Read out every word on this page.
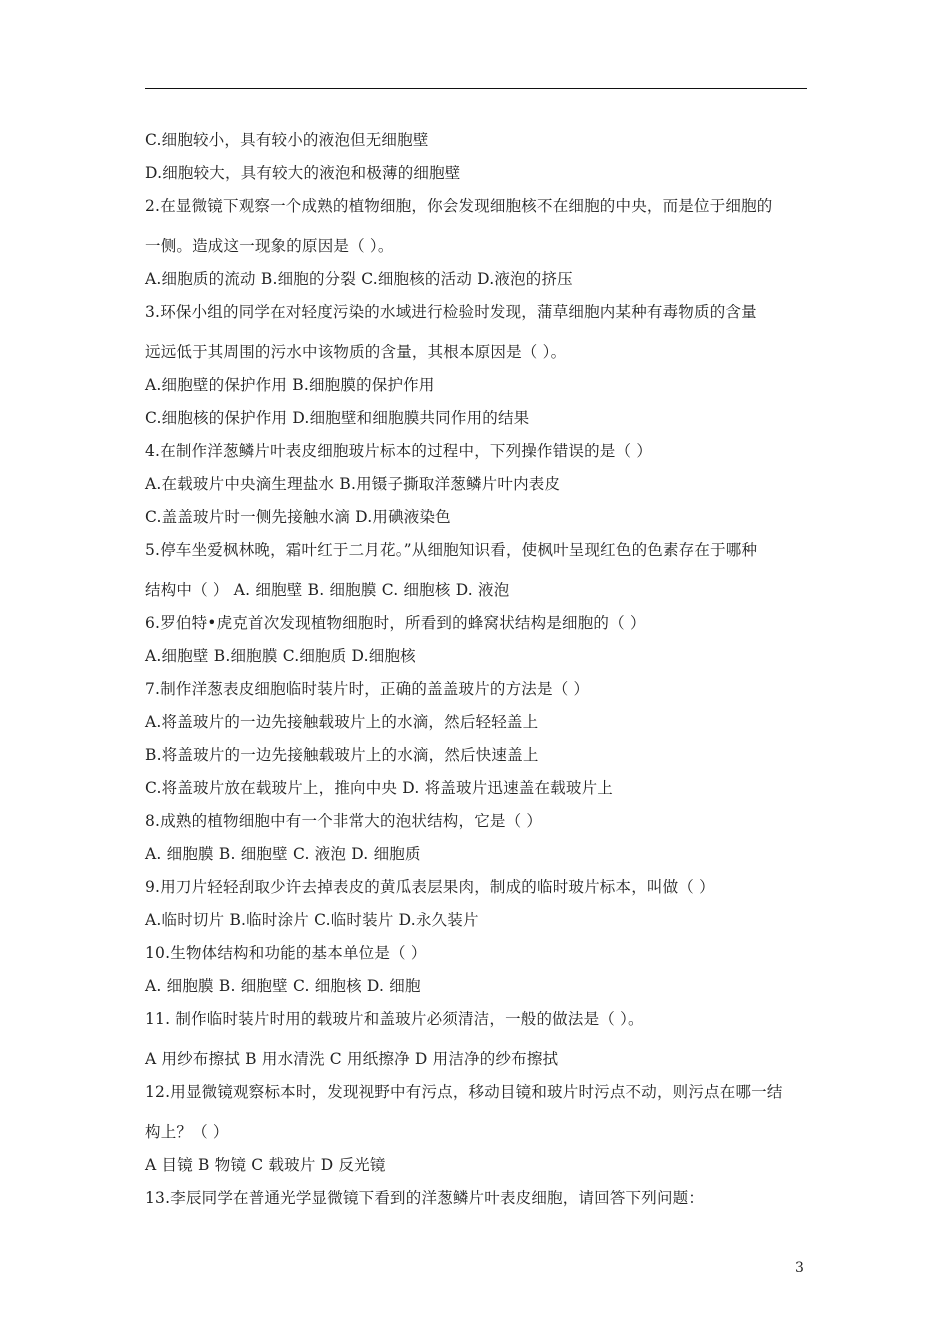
C.细胞较小，具有较小的液泡但无细胞壁
D.细胞较大，具有较大的液泡和极薄的细胞壁
2.在显微镜下观察一个成熟的植物细胞，你会发现细胞核不在细胞的中央，而是位于细胞的
一侧。造成这一现象的原因是（ ）。
A.细胞质的流动 B.细胞的分裂 C.细胞核的活动 D.液泡的挤压
3.环保小组的同学在对轻度污染的水域进行检验时发现，蒲草细胞内某种有毒物质的含量
远远低于其周围的污水中该物质的含量，其根本原因是（ ）。
A.细胞壁的保护作用 B.细胞膜的保护作用
C.细胞核的保护作用 D.细胞壁和细胞膜共同作用的结果
4.在制作洋葱鳞片叶表皮细胞玻片标本的过程中，下列操作错误的是（ ）
A.在载玻片中央滴生理盐水 B.用镊子撕取洋葱鳞片叶内表皮
C.盖盖玻片时一侧先接触水滴 D.用碘液染色
5.停车坐爱枫林晚，霜叶红于二月花。”从细胞知识看，使枫叶呈现红色的色素存在于哪种
结构中（ ） A. 细胞壁 B. 细胞膜 C. 细胞核 D. 液泡
6.罗伯特•虎克首次发现植物细胞时，所看到的蜂窝状结构是细胞的（ ）
A.细胞壁 B.细胞膜 C.细胞质 D.细胞核
7.制作洋葱表皮细胞临时装片时，正确的盖盖玻片的方法是（ ）
A.将盖玻片的一边先接触载玻片上的水滴，然后轻轻盖上
B.将盖玻片的一边先接触载玻片上的水滴，然后快速盖上
C.将盖玻片放在载玻片上，推向中央 D. 将盖玻片迅速盖在载玻片上
8.成熟的植物细胞中有一个非常大的泡状结构，它是（ ）
A. 细胞膜 B. 细胞壁 C. 液泡 D. 细胞质
9.用刀片轻轻刮取少许去掉表皮的黄瓜表层果肉，制成的临时玻片标本，叫做（ ）
A.临时切片 B.临时涂片 C.临时装片 D.永久装片
10.生物体结构和功能的基本单位是（ ）
A. 细胞膜 B. 细胞壁 C. 细胞核 D. 细胞
11. 制作临时装片时用的载玻片和盖玻片必须清洁，一般的做法是（ ）。
A 用纱布擦拭 B 用水清洗 C 用纸擦净 D 用洁净的纱布擦拭
12.用显微镜观察标本时，发现视野中有污点，移动目镜和玻片时污点不动，则污点在哪一结
构上？（ ）
A 目镜 B 物镜 C 载玻片 D 反光镜
13.李辰同学在普通光学显微镜下看到的洋葱鳞片叶表皮细胞，请回答下列问题：
3
